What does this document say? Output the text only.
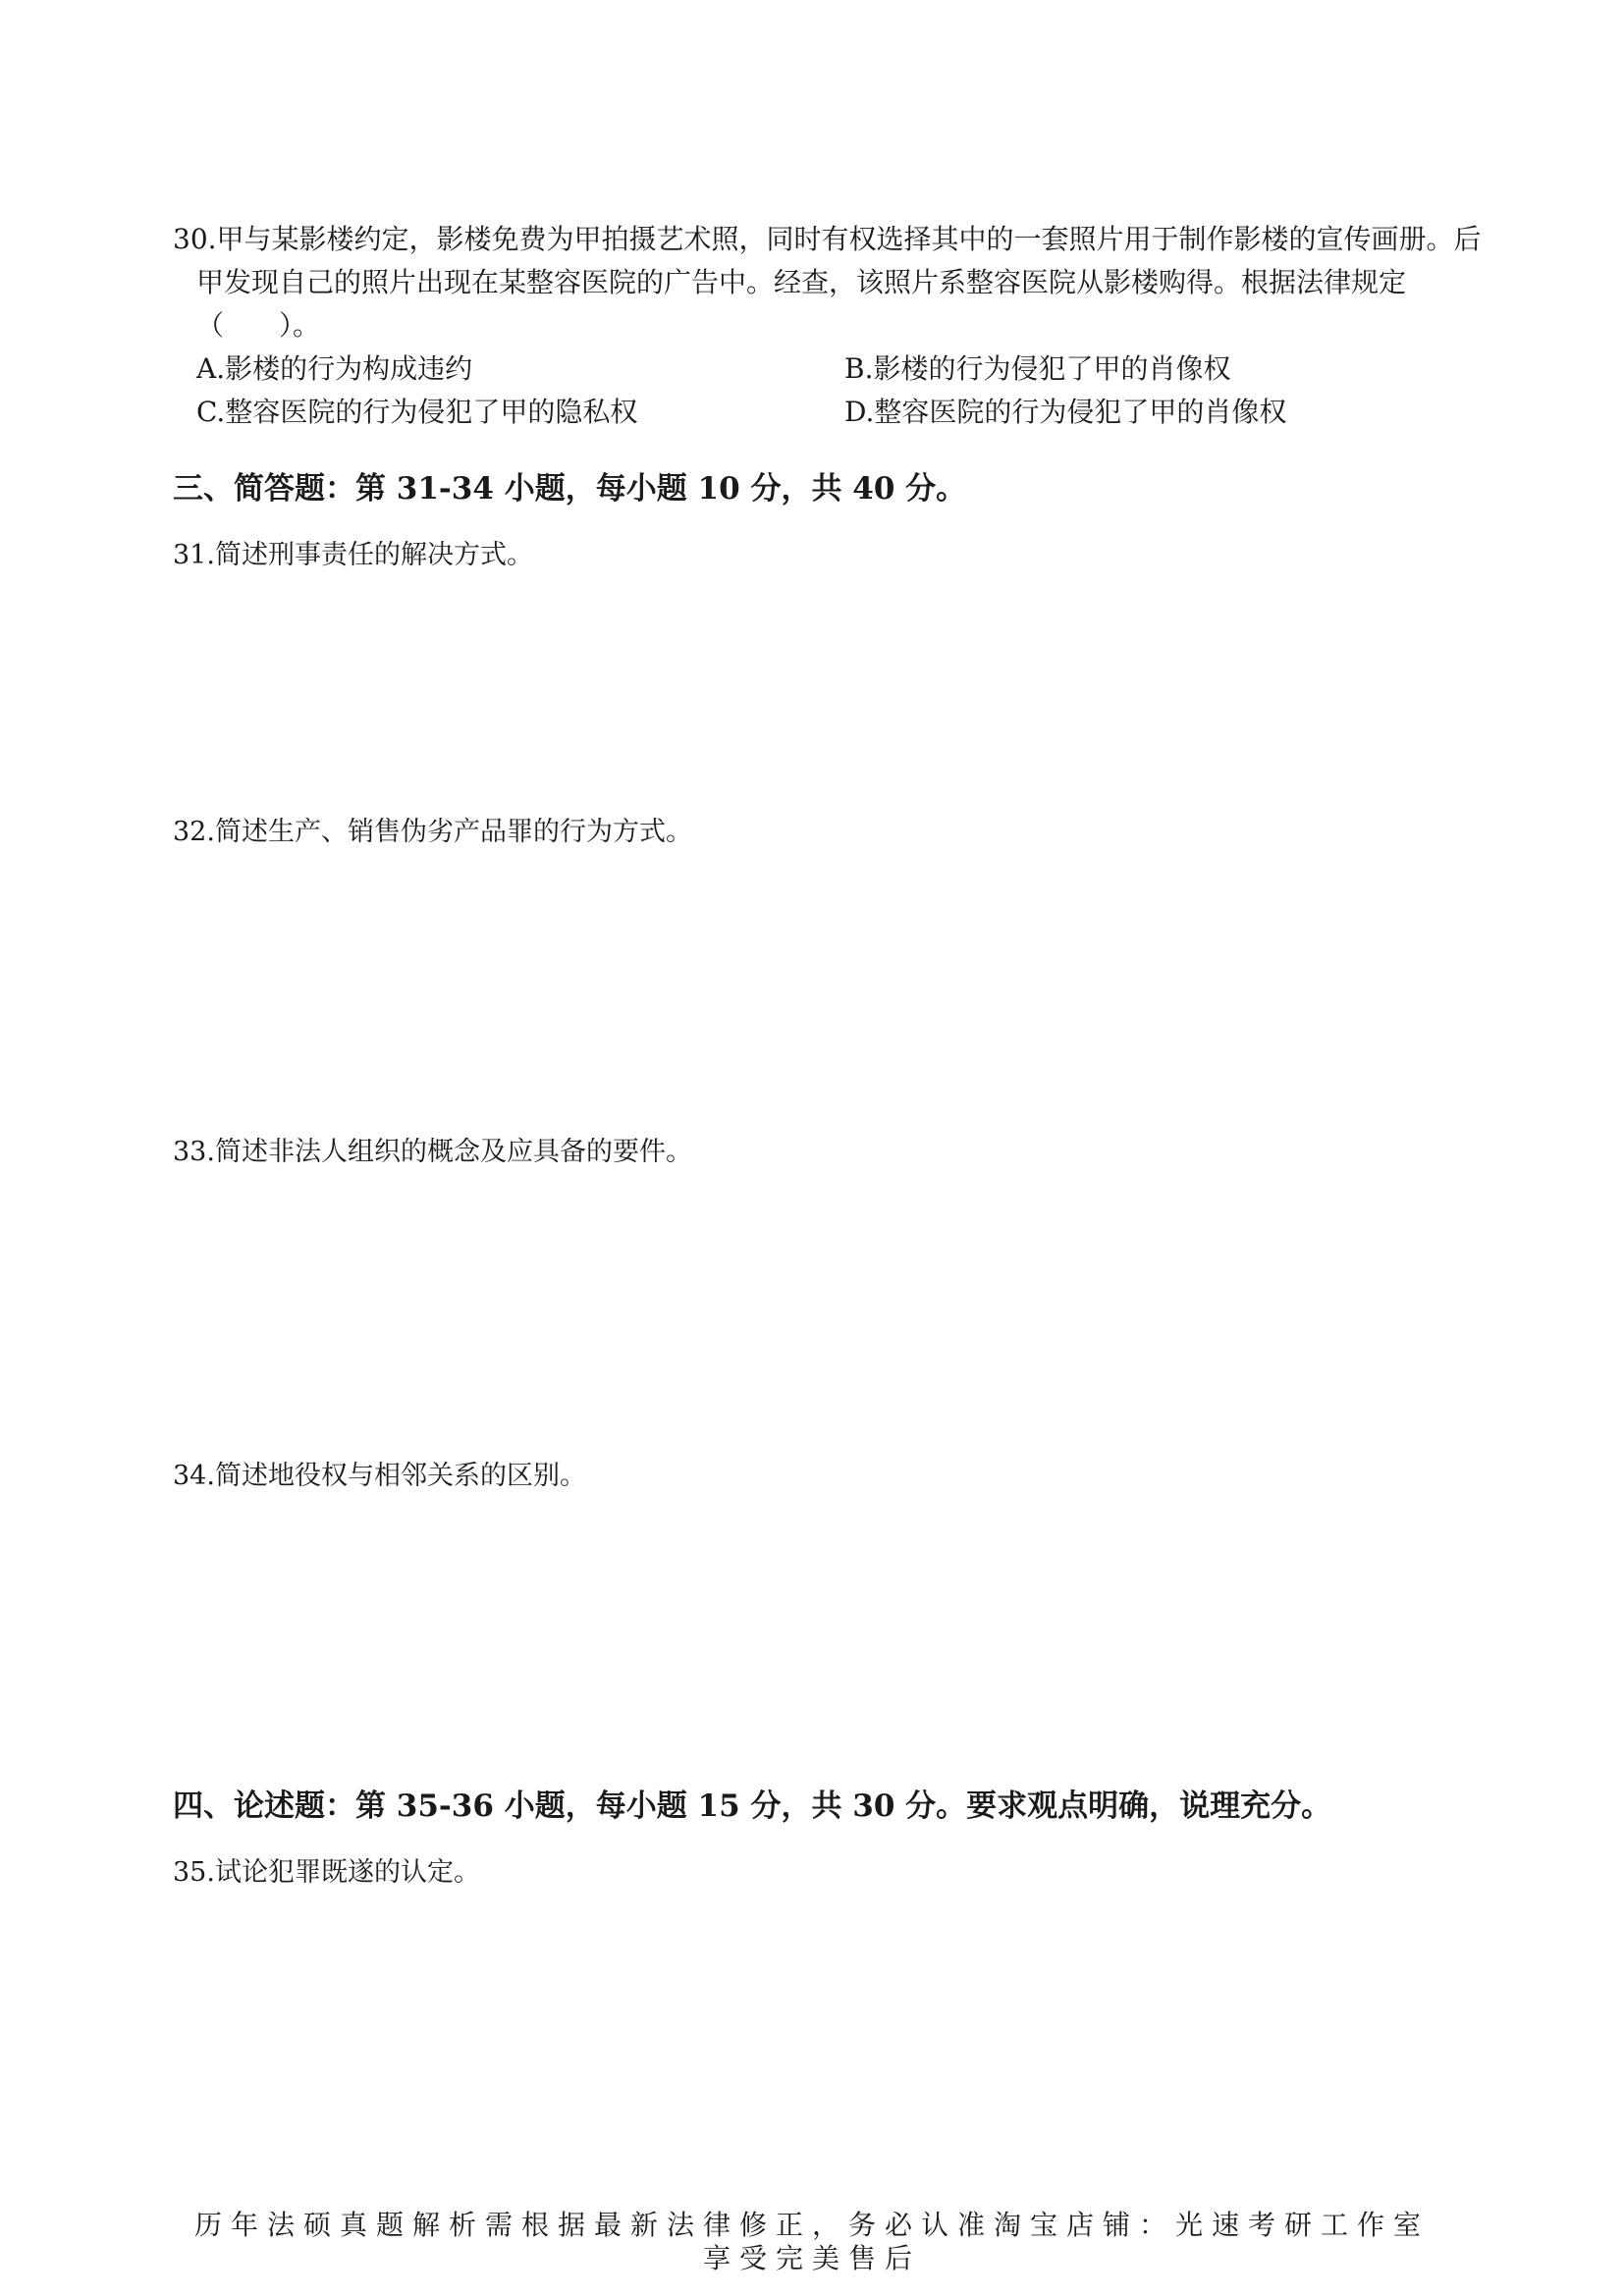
30.甲与某影楼约定，影楼免费为甲拍摄艺术照，同时有权选择其中的一套照片用于制作影楼的宣传画册。后甲发现自己的照片出现在某整容医院的广告中。经查，该照片系整容医院从影楼购得。根据法律规定（　　）。
A.影楼的行为构成违约	B.影楼的行为侵犯了甲的肖像权
C.整容医院的行为侵犯了甲的隐私权	D.整容医院的行为侵犯了甲的肖像权
三、简答题：第 31-34 小题，每小题 10 分，共 40 分。
31.简述刑事责任的解决方式。
32.简述生产、销售伪劣产品罪的行为方式。
33.简述非法人组织的概念及应具备的要件。
34.简述地役权与相邻关系的区别。
四、论述题：第 35-36 小题，每小题 15 分，共 30 分。要求观点明确，说理充分。
35.试论犯罪既遂的认定。
历年法硕真题解析需根据最新法律修正，务必认准淘宝店铺：光速考研工作室
享受完美售后
